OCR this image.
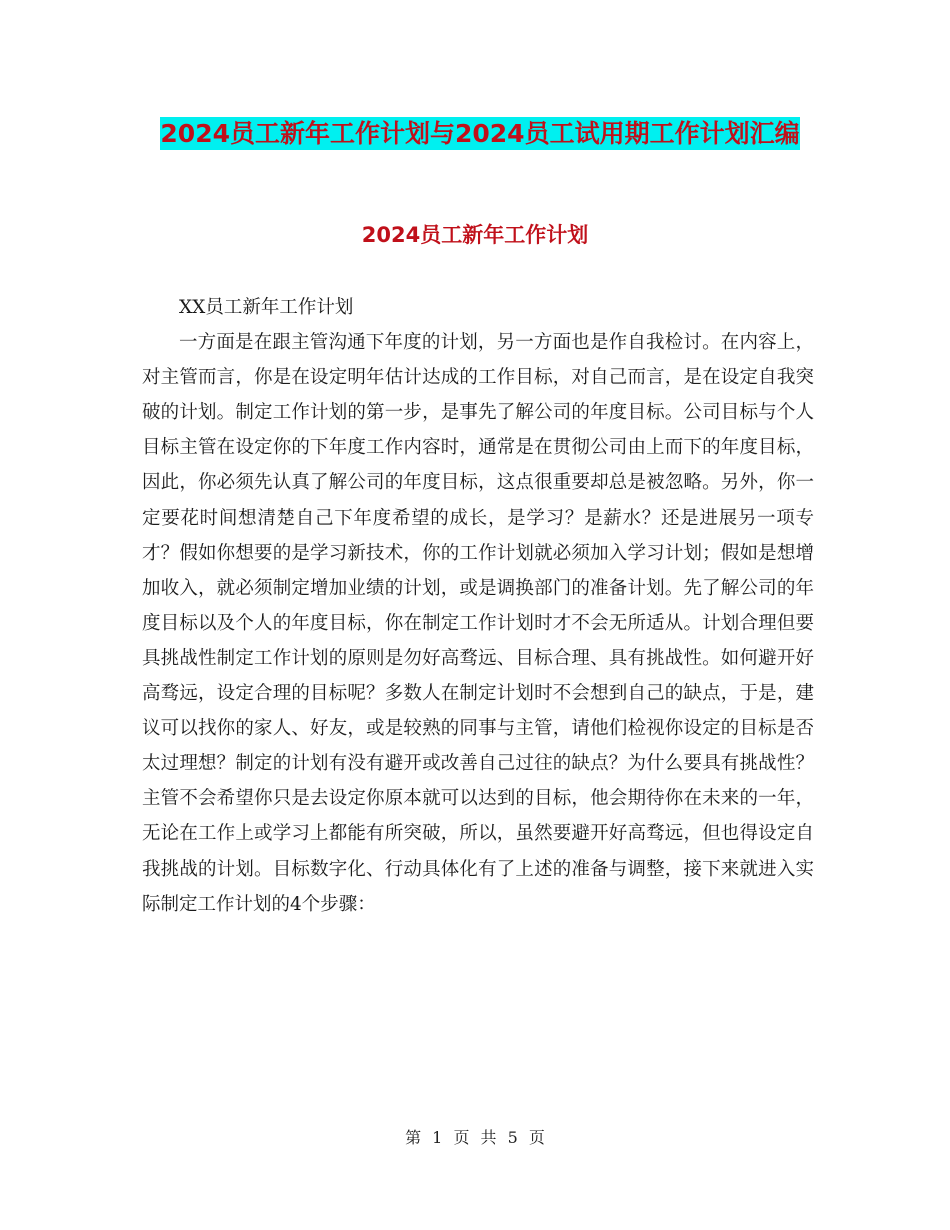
2024员工新年工作计划与2024员工试用期工作计划汇编
2024员工新年工作计划

XX员工新年工作计划

一方面是在跟主管沟通下年度的计划，另一方面也是作自我检讨。在内容上，对主管而言，你是在设定明年估计达成的工作目标，对自己而言，是在设定自我突破的计划。制定工作计划的第一步，是事先了解公司的年度目标。公司目标与个人目标主管在设定你的下年度工作内容时，通常是在贯彻公司由上而下的年度目标，因此，你必须先认真了解公司的年度目标，这点很重要却总是被忽略。另外，你一定要花时间想清楚自己下年度希望的成长，是学习？是薪水？还是进展另一项专才？假如你想要的是学习新技术，你的工作计划就必须加入学习计划；假如是想增加收入，就必须制定增加业绩的计划，或是调换部门的准备计划。先了解公司的年度目标以及个人的年度目标，你在制定工作计划时才不会无所适从。计划合理但要具挑战性制定工作计划的原则是勿好高骛远、目标合理、具有挑战性。如何避开好高骛远，设定合理的目标呢？多数人在制定计划时不会想到自己的缺点，于是，建议可以找你的家人、好友，或是较熟的同事与主管，请他们检视你设定的目标是否太过理想？制定的计划有没有避开或改善自己过往的缺点？为什么要具有挑战性？主管不会希望你只是去设定你原本就可以达到的目标，他会期待你在未来的一年，无论在工作上或学习上都能有所突破，所以，虽然要避开好高骛远，但也得设定自我挑战的计划。目标数字化、行动具体化有了上述的准备与调整，接下来就进入实际制定工作计划的4个步骤：

第 1 页 共 5 页
